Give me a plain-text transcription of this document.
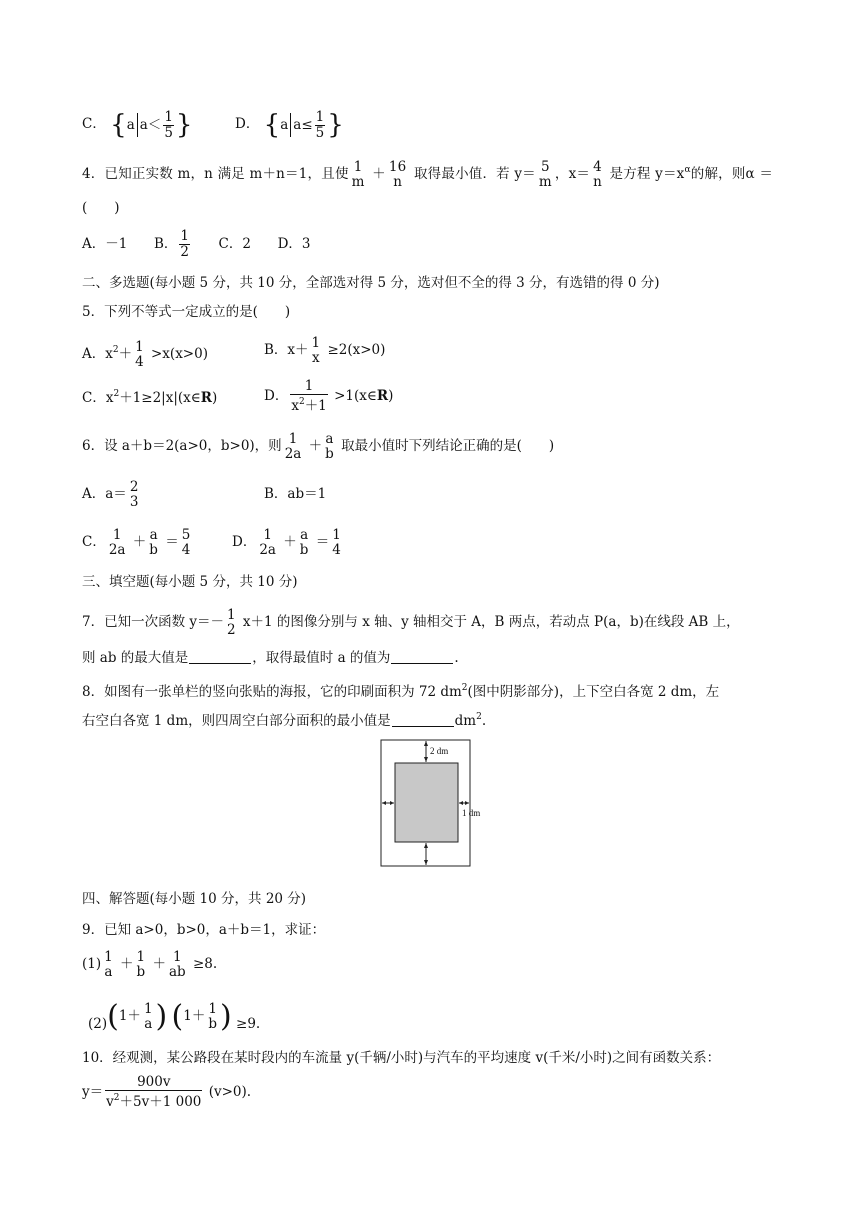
C． {a $a< \frac{1}{5}$ }	D． {a $a\le \frac{1}{5}$ }
4．已知正实数 m，n 满足 m＋n＝1，且使 1
m ＋ 16
n 取得最小值．若 y＝ 5
m ，x＝ 4
n 是方程 $y=x^\alpha$的解，则α ＝
(　　)
A．－1 B． $\frac{1}{2}$ C．2 D．3
二、多选题(每小题 5 分，共 10 分，全部选对得 5 分，选对但不全的得 3 分，有选错的得 0 分)
5．下列不等式一定成立的是(　　)
A．$x^2+ 1$
4 >x(x>0)	B．x＋ 1
x ≥2(x>0)
C．$x^2+1\ge 2|x|(x\in R)$	D． $\frac{1}{x^2+1}$ >1(x∈R)
6．设 a＋b＝2(a>0，b>0)，则 1
2a ＋ a
b 取最小值时下列结论正确的是(　　)
A．a＝ 2
3	B．ab＝1
C． 1
2a ＋ a
b ＝ 5
4	D． 1
2a ＋ a
b ＝ 1
4
三、填空题(每小题 5 分，共 10 分)
7．已知一次函数 y＝－ 1
2 x＋1 的图像分别与 x 轴、y 轴相交于 A，B 两点，若动点 P(a，b)在线段 AB 上，
则 ab 的最大值是	，取得最值时 a 的值为	.
8．如图有一张单栏的竖向张贴的海报，它的印刷面积为 72 $dm^2$(图中阴影部分)，上下空白各宽 2 dm，左
右空白各宽 1 dm，则四周空白部分面积的最小值是	$dm^2$.
2 dm
1 dm
四、解答题(每小题 10 分，共 20 分)
9．已知 a>0，b>0，a＋b＝1，求证：
(1) 1
a ＋ 1
b ＋ 1
ab ≥8.
(2)(1＋ 1
a ) (1＋ 1
b ) ≥9.
10．经观测，某公路段在某时段内的车流量 y(千辆/小时)与汽车的平均速度 v(千米/小时)之间有函数关系：
$y= \frac{900v}{v^2+5v+1 000} (v>0)$.
